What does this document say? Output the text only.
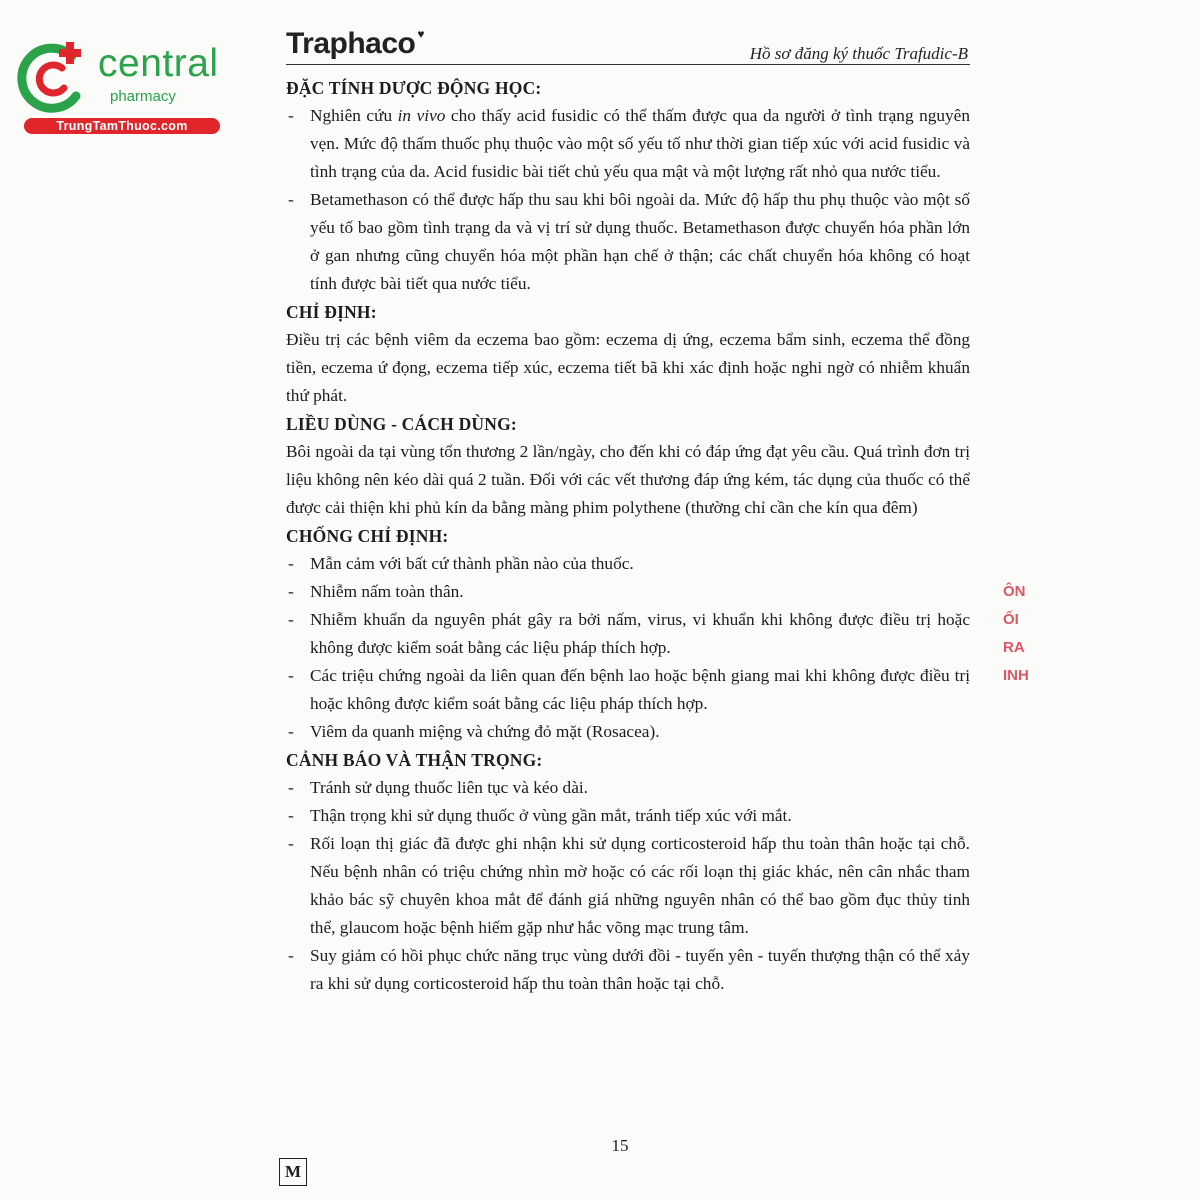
central
pharmacy
TrungTamThuoc.com
Traphaco ♥
Hồ sơ đăng ký thuốc Trafudic-B
ĐẶC TÍNH DƯỢC ĐỘNG HỌC:
- Nghiên cứu in vivo cho thấy acid fusidic có thể thấm được qua da người ở tình trạng nguyên vẹn. Mức độ thấm thuốc phụ thuộc vào một số yếu tố như thời gian tiếp xúc với acid fusidic và tình trạng của da. Acid fusidic bài tiết chủ yếu qua mật và một lượng rất nhỏ qua nước tiểu.
- Betamethason có thể được hấp thu sau khi bôi ngoài da. Mức độ hấp thu phụ thuộc vào một số yếu tố bao gồm tình trạng da và vị trí sử dụng thuốc. Betamethason được chuyển hóa phần lớn ở gan nhưng cũng chuyển hóa một phần hạn chế ở thận; các chất chuyển hóa không có hoạt tính được bài tiết qua nước tiểu.
CHỈ ĐỊNH:

Điều trị các bệnh viêm da eczema bao gồm: eczema dị ứng, eczema bẩm sinh, eczema thể đồng tiền, eczema ứ đọng, eczema tiếp xúc, eczema tiết bã khi xác định hoặc nghi ngờ có nhiễm khuẩn thứ phát.

LIỀU DÙNG - CÁCH DÙNG:

Bôi ngoài da tại vùng tổn thương 2 lần/ngày, cho đến khi có đáp ứng đạt yêu cầu. Quá trình đơn trị liệu không nên kéo dài quá 2 tuần. Đối với các vết thương đáp ứng kém, tác dụng của thuốc có thể được cải thiện khi phủ kín da bằng màng phim polythene (thường chỉ cần che kín qua đêm)

CHỐNG CHỈ ĐỊNH:
- Mẫn cảm với bất cứ thành phần nào của thuốc.
- Nhiễm nấm toàn thân.
- Nhiễm khuẩn da nguyên phát gây ra bởi nấm, virus, vi khuẩn khi không được điều trị hoặc không được kiểm soát bằng các liệu pháp thích hợp.
- Các triệu chứng ngoài da liên quan đến bệnh lao hoặc bệnh giang mai khi không được điều trị hoặc không được kiểm soát bằng các liệu pháp thích hợp.
- Viêm da quanh miệng và chứng đỏ mặt (Rosacea).
CẢNH BÁO VÀ THẬN TRỌNG:
- Tránh sử dụng thuốc liên tục và kéo dài.
- Thận trọng khi sử dụng thuốc ở vùng gần mắt, tránh tiếp xúc với mắt.
- Rối loạn thị giác đã được ghi nhận khi sử dụng corticosteroid hấp thu toàn thân hoặc tại chỗ. Nếu bệnh nhân có triệu chứng nhìn mờ hoặc có các rối loạn thị giác khác, nên cân nhắc tham khảo bác sỹ chuyên khoa mắt để đánh giá những nguyên nhân có thể bao gồm đục thủy tinh thể, glaucom hoặc bệnh hiếm gặp như hắc võng mạc trung tâm.
- Suy giảm có hồi phục chức năng trục vùng dưới đồi - tuyến yên - tuyến thượng thận có thể xảy ra khi sử dụng corticosteroid hấp thu toàn thân hoặc tại chỗ.
ÔN
ỐI
RA
INH
15
M
